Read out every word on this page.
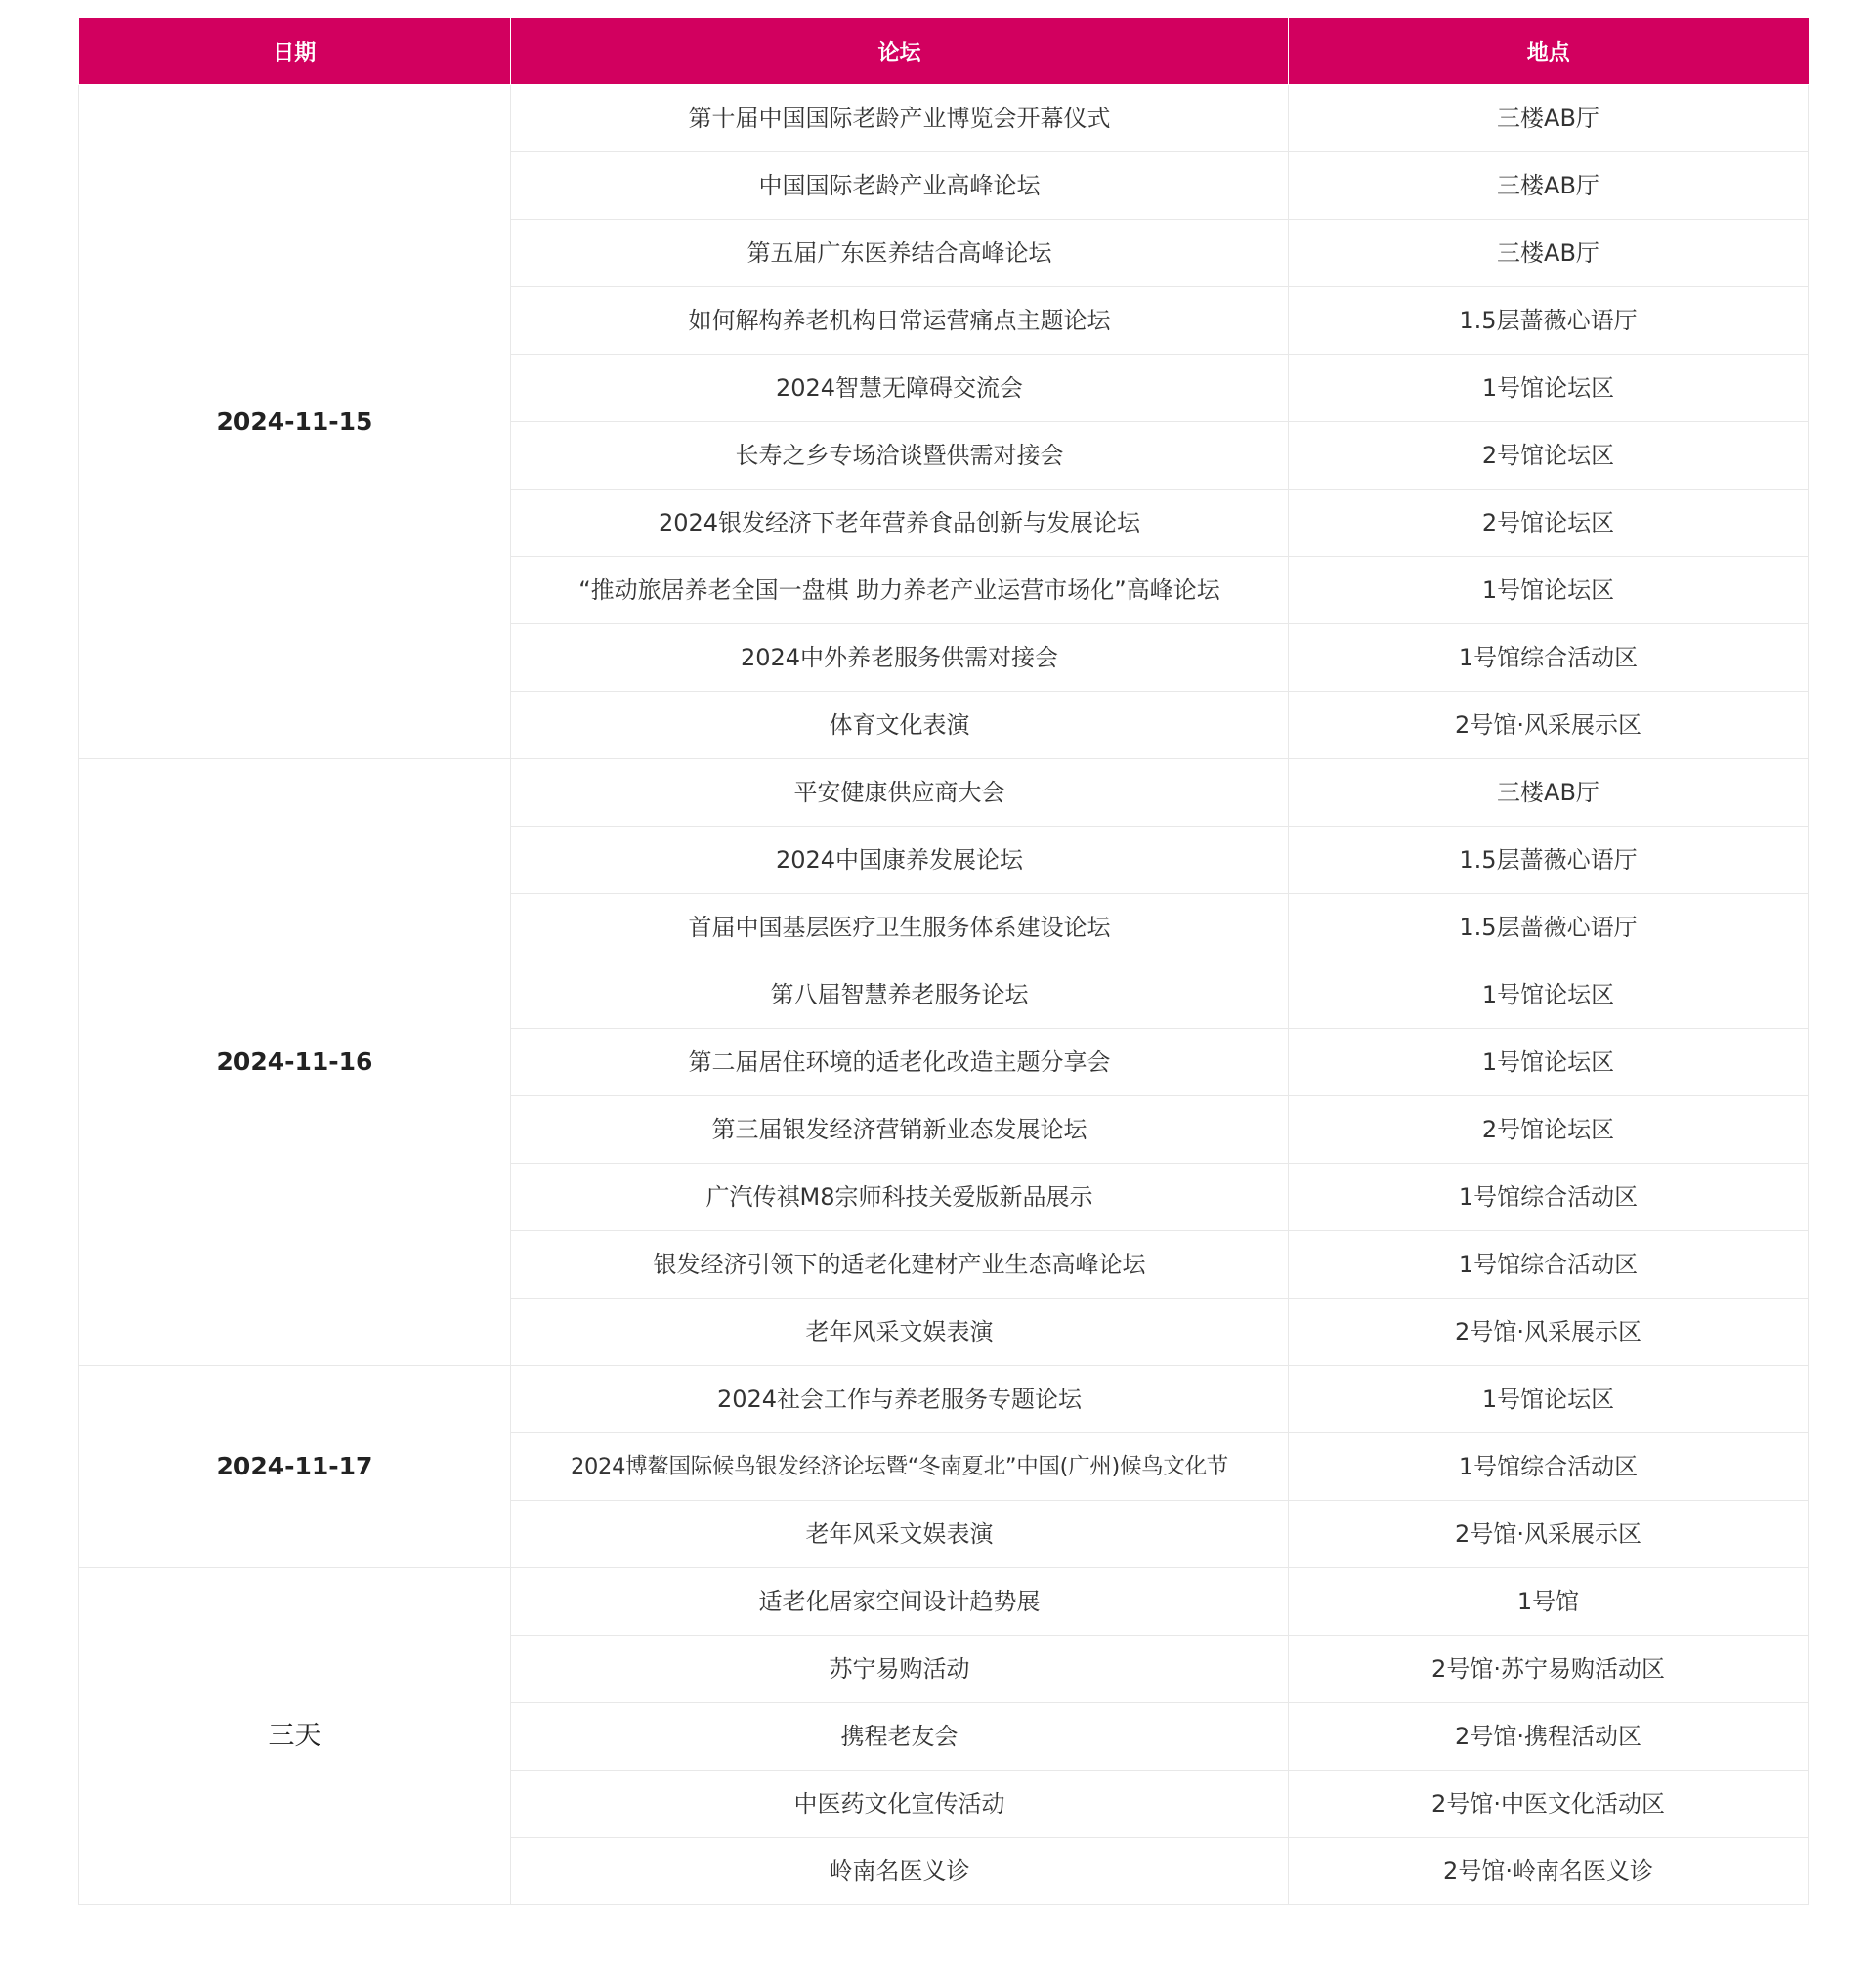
日期	论坛	地点
2024-11-15	第十届中国国际老龄产业博览会开幕仪式	三楼AB厅
	中国国际老龄产业高峰论坛	三楼AB厅
	第五届广东医养结合高峰论坛	三楼AB厅
	如何解构养老机构日常运营痛点主题论坛	1.5层蔷薇心语厅
	2024智慧无障碍交流会	1号馆论坛区
	长寿之乡专场洽谈暨供需对接会	2号馆论坛区
	2024银发经济下老年营养食品创新与发展论坛	2号馆论坛区
	“推动旅居养老全国一盘棋 助力养老产业运营市场化”高峰论坛	1号馆论坛区
	2024中外养老服务供需对接会	1号馆综合活动区
	体育文化表演	2号馆·风采展示区
2024-11-16	平安健康供应商大会	三楼AB厅
	2024中国康养发展论坛	1.5层蔷薇心语厅
	首届中国基层医疗卫生服务体系建设论坛	1.5层蔷薇心语厅
	第八届智慧养老服务论坛	1号馆论坛区
	第二届居住环境的适老化改造主题分享会	1号馆论坛区
	第三届银发经济营销新业态发展论坛	2号馆论坛区
	广汽传祺M8宗师科技关爱版新品展示	1号馆综合活动区
	银发经济引领下的适老化建材产业生态高峰论坛	1号馆综合活动区
	老年风采文娱表演	2号馆·风采展示区
2024-11-17	2024社会工作与养老服务专题论坛	1号馆论坛区
	2024博鳌国际候鸟银发经济论坛暨“冬南夏北”中国(广州)候鸟文化节	1号馆综合活动区
	老年风采文娱表演	2号馆·风采展示区
三天	适老化居家空间设计趋势展	1号馆
	苏宁易购活动	2号馆·苏宁易购活动区
	携程老友会	2号馆·携程活动区
	中医药文化宣传活动	2号馆·中医文化活动区
	岭南名医义诊	2号馆·岭南名医义诊
